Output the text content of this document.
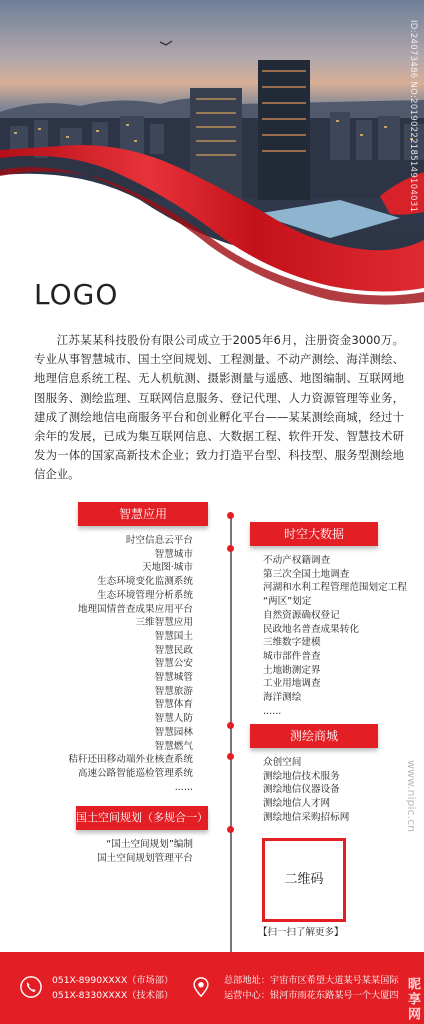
ID:24073486 NO:20190222185149104031
LOGO

江苏某某科技股份有限公司成立于2005年6月，注册资金3000万。专业从事智慧城市、国土空间规划、工程测量、不动产测绘、海洋测绘、地理信息系统工程、无人机航测、摄影测量与遥感、地图编制、互联网地图服务、测绘监理、互联网信息服务、登记代理、人力资源管理等业务，建成了测绘地信电商服务平台和创业孵化平台——某某测绘商城，经过十余年的发展，已成为集互联网信息、大数据工程、软件开发、智慧技术研发为一体的国家高新技术企业；致力打造平台型、科技型、服务型测绘地信企业。

智慧应用
时空信息云平台
智慧城市
天地图·城市
生态环境变化监测系统
生态环境管理分析系统
地理国情普查成果应用平台
三维智慧应用
智慧国土
智慧民政
智慧公安
智慧城管
智慧旅游
智慧体育
智慧人防
智慧园林
智慧燃气
秸秆还田移动端外业核查系统
高速公路智能巡检管理系统
......
国土空间规划（多规合一）
“国土空间规划”编制
国土空间规划管理平台
时空大数据
不动产权籍调查
第三次全国土地调查
河湖和水利工程管理范围划定工程
“两区”划定
自然资源确权登记
民政地名普查成果转化
三维数字建模
城市部件普查
土地勘测定界
工业用地调查
海洋测绘
......
测绘商城
众创空间
测绘地信技术服务
测绘地信仪器设备
测绘地信人才网
测绘地信采购招标网
二维码
【扫一扫了解更多】
www.nipic.cn
051X-8990XXXX（市场部）
051X-8330XXXX（技术部）
总部地址：宇宙市区希望大道某号某某国际
运营中心：银河市雨花东路某号一个大厦四 昵享网
